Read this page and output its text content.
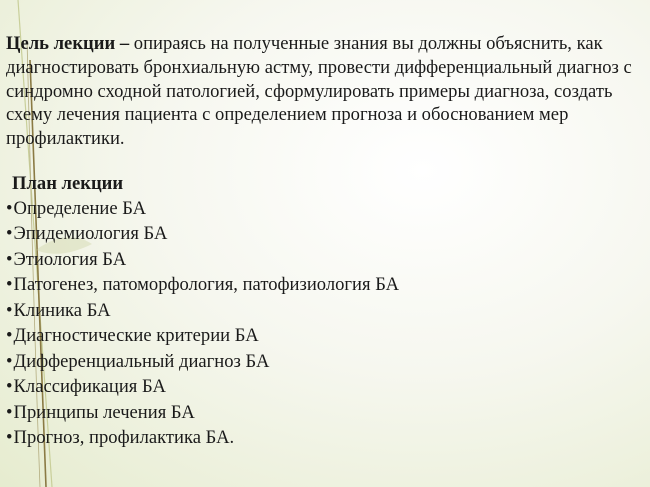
Цель лекции – опираясь на полученные знания вы должны объяснить, как диагностировать бронхиальную астму, провести дифференциальный диагноз с синдромно сходной патологией, сформулировать примеры диагноза, создать схему лечения пациента с определением прогноза и обоснованием мер профилактики.

План лекции
•Определение БА
•Эпидемиология БА
•Этиология БА
•Патогенез, патоморфология, патофизиология БА
•Клиника БА
•Диагностические критерии БА
•Дифференциальный диагноз БА
•Классификация БА
•Принципы лечения БА
•Прогноз, профилактика БА.
